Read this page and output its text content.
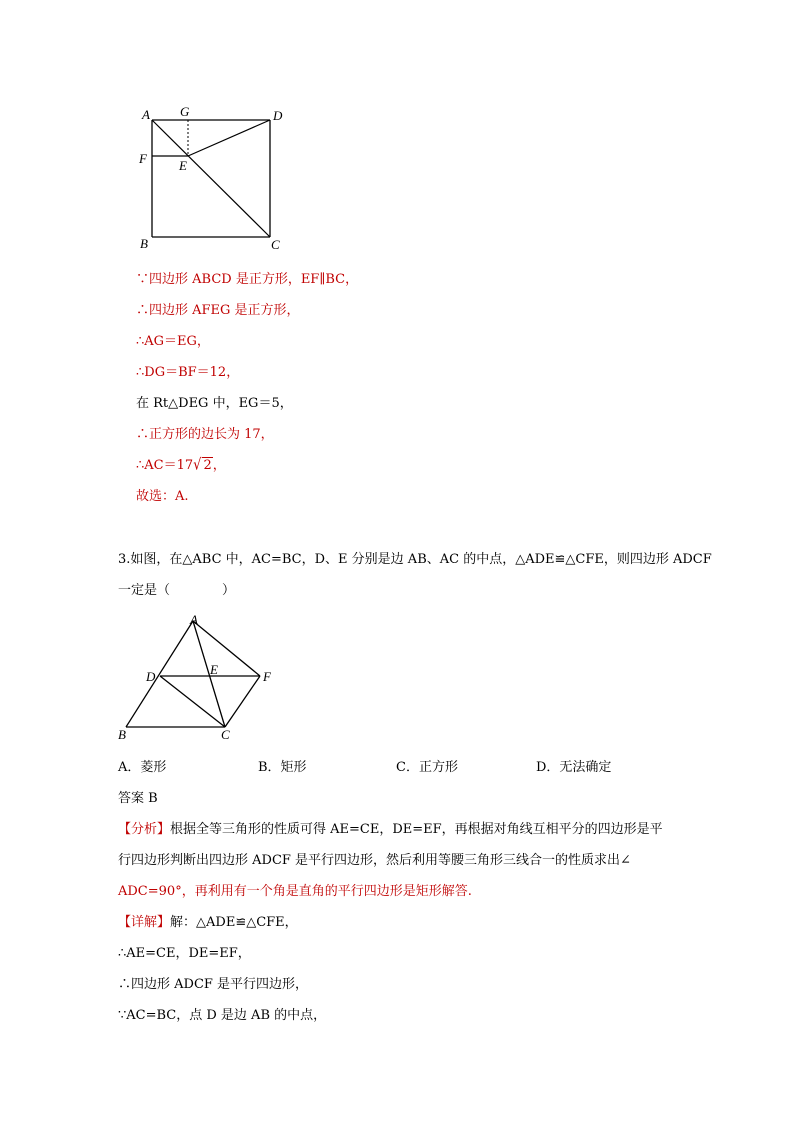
A G	D
F E
B	C
∵四边形 ABCD 是正方形，EF∥BC，
∴四边形 AFEG 是正方形，
∴AG＝EG，
∴DG＝BF＝12，
在 Rt△DEG 中，EG＝5，
∴正方形的边长为 17，
∴AC＝17√ 2，
故选：A.
3.如图，在△ABC 中，AC=BC，D、E 分别是边 AB、AC 的中点，△ADE≌△CFE，则四边形 ADCF
一定是（　　　　）
A
D	E	F
B	C
A．菱形	B．矩形	C．正方形	D．无法确定
答案 B
【分析】根据全等三角形的性质可得 AE=CE，DE=EF，再根据对角线互相平分的四边形是平
行四边形判断出四边形 ADCF 是平行四边形，然后利用等腰三角形三线合一的性质求出∠
ADC=90°，再利用有一个角是直角的平行四边形是矩形解答.
【详解】解：△ADE≌△CFE，
∴AE=CE，DE=EF，
∴四边形 ADCF 是平行四边形，
∵AC=BC，点 D 是边 AB 的中点，
